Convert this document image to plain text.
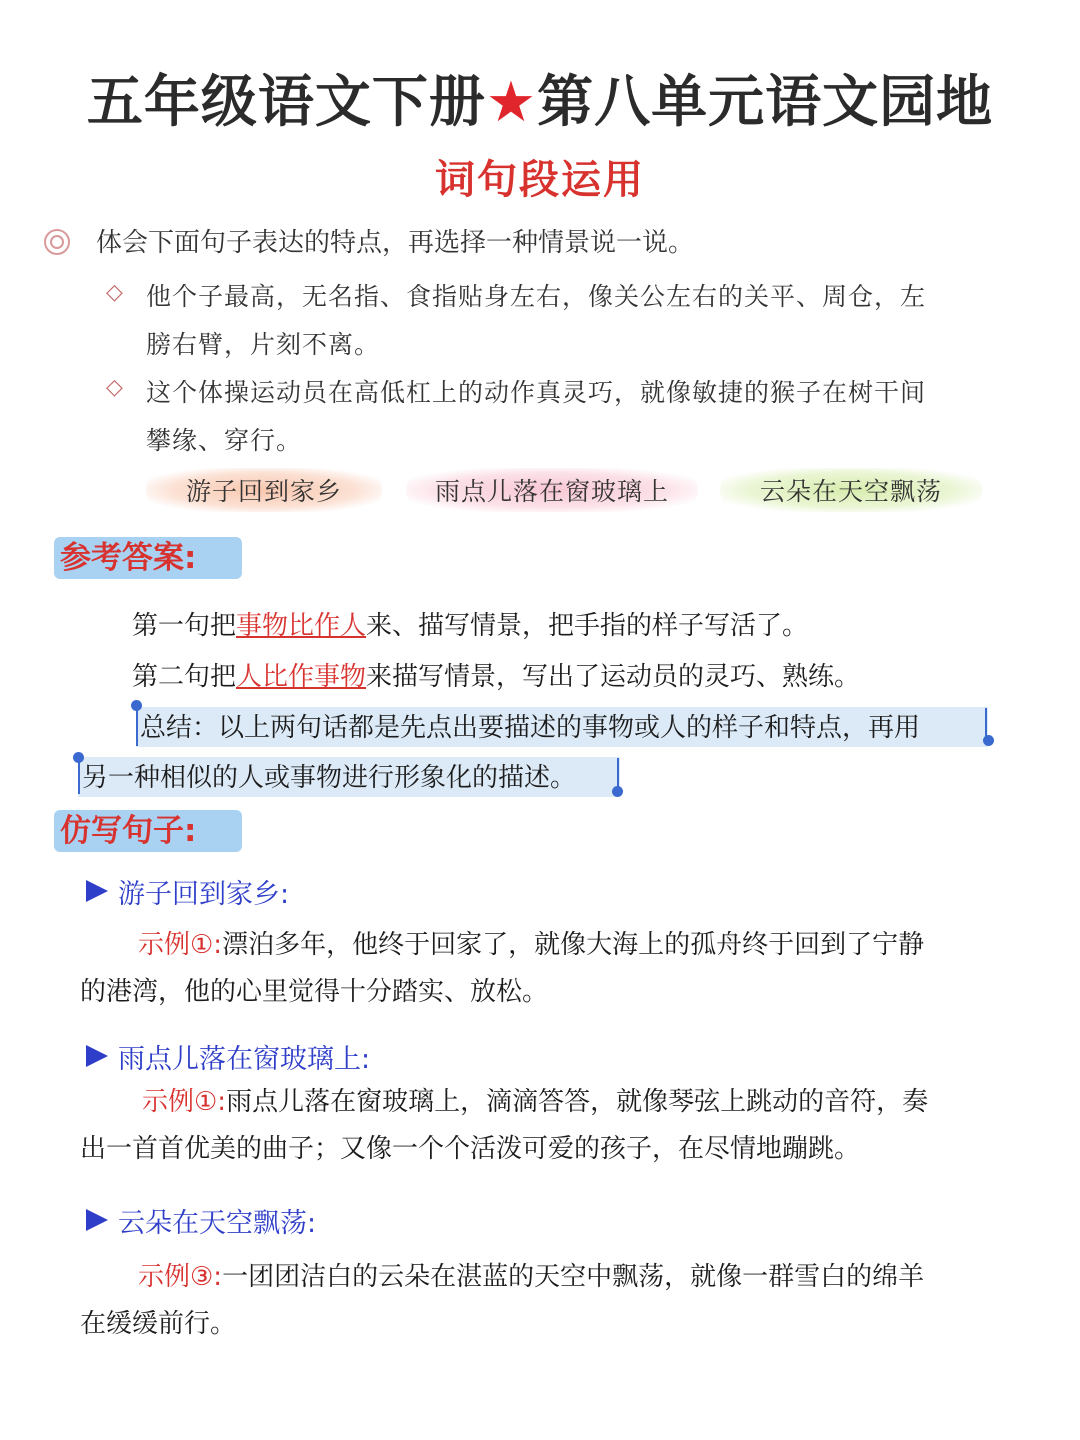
五年级语文下册★第八单元语文园地
词句段运用
体会下面句子表达的特点，再选择一种情景说一说。
◇ 他个子最高，无名指、食指贴身左右，像关公左右的关平、周仓，左
膀右臂，片刻不离。
◇ 这个体操运动员在高低杠上的动作真灵巧，就像敏捷的猴子在树干间
攀缘、穿行。
游子回到家乡	雨点儿落在窗玻璃上	云朵在天空飘荡
参考答案:
第一句把事物比作人来、描写情景，把手指的样子写活了。
第二句把人比作事物来描写情景，写出了运动员的灵巧、熟练。
总结：以上两句话都是先点出要描述的事物或人的样子和特点，再用
另一种相似的人或事物进行形象化的描述。
仿写句子:
游子回到家乡:
示例①:漂泊多年，他终于回家了，就像大海上的孤舟终于回到了宁静
的港湾，他的心里觉得十分踏实、放松。
雨点儿落在窗玻璃上:
示例①:雨点儿落在窗玻璃上，滴滴答答，就像琴弦上跳动的音符，奏
出一首首优美的曲子；又像一个个活泼可爱的孩子，在尽情地蹦跳。
云朵在天空飘荡:
示例③:一团团洁白的云朵在湛蓝的天空中飘荡，就像一群雪白的绵羊
在缓缓前行。
